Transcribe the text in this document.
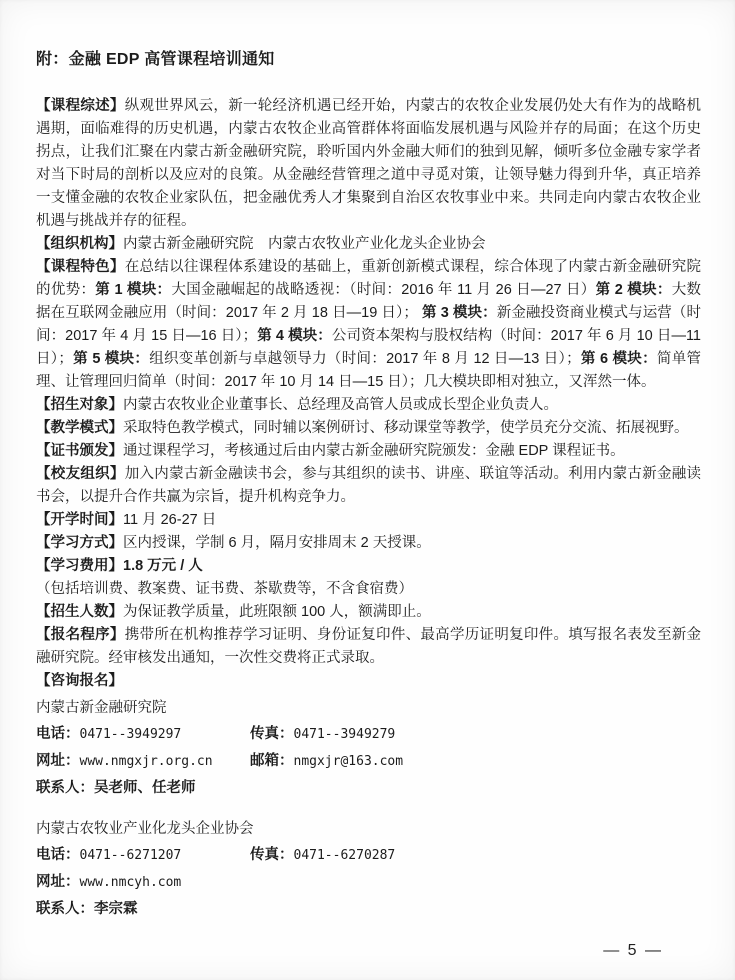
附：金融 EDP 高管课程培训通知

【课程综述】纵观世界风云，新一轮经济机遇已经开始，内蒙古的农牧企业发展仍处大有作为的战略机遇期，面临难得的历史机遇，内蒙古农牧企业高管群体将面临发展机遇与风险并存的局面；在这个历史拐点，让我们汇聚在内蒙古新金融研究院，聆听国内外金融大师们的独到见解，倾听多位金融专家学者对当下时局的剖析以及应对的良策。从金融经营管理之道中寻觅对策，让领导魅力得到升华，真正培养一支懂金融的农牧企业家队伍，把金融优秀人才集聚到自治区农牧事业中来。共同走向内蒙古农牧企业机遇与挑战并存的征程。

【组织机构】内蒙古新金融研究院　内蒙古农牧业产业化龙头企业协会

【课程特色】在总结以往课程体系建设的基础上，重新创新模式课程，综合体现了内蒙古新金融研究院的优势：第 1 模块：大国金融崛起的战略透视：（时间：2016 年 11 月 26 日—27 日）第 2 模块：大数据在互联网金融应用（时间：2017 年 2 月 18 日—19 日）； 第 3 模块：新金融投资商业模式与运营（时间：2017 年 4 月 15 日—16 日）；第 4 模块：公司资本架构与股权结构（时间：2017 年 6 月 10 日—11 日）；第 5 模块：组织变革创新与卓越领导力（时间：2017 年 8 月 12 日—13 日）；第 6 模块：简单管理、让管理回归简单（时间：2017 年 10 月 14 日—15 日）；几大模块即相对独立，又浑然一体。

【招生对象】内蒙古农牧业企业董事长、总经理及高管人员或成长型企业负责人。

【教学模式】采取特色教学模式，同时辅以案例研讨、移动课堂等教学，使学员充分交流、拓展视野。

【证书颁发】通过课程学习，考核通过后由内蒙古新金融研究院颁发：金融 EDP 课程证书。

【校友组织】加入内蒙古新金融读书会，参与其组织的读书、讲座、联谊等活动。利用内蒙古新金融读书会，以提升合作共赢为宗旨，提升机构竞争力。

【开学时间】11 月 26-27 日

【学习方式】区内授课，学制 6 月，隔月安排周末 2 天授课。

【学习费用】1.8 万元 / 人

（包括培训费、教案费、证书费、茶歇费等，不含食宿费）

【招生人数】为保证教学质量，此班限额 100 人，额满即止。

【报名程序】携带所在机构推荐学习证明、身份证复印件、最高学历证明复印件。填写报名表发至新金融研究院。经审核发出通知，一次性交费将正式录取。

【咨询报名】

内蒙古新金融研究院
电话：0471--3949297	传真：0471--3949279
网址：www.nmgxjr.org.cn	邮箱：nmgxjr@163.com
联系人：吴老师、任老师
内蒙古农牧业产业化龙头企业协会
电话：0471--6271207	传真：0471--6270287
网址：www.nmcyh.com
联系人：李宗霖
— 5 —
